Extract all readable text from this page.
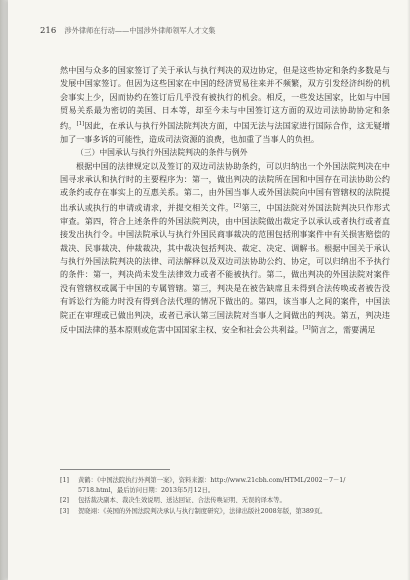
216 涉外律师在行动——中国涉外律师领军人才文集

然中国与众多的国家签订了关于承认与执行判决的双边协定，但是这些协定和条约多数是与发展中国家签订。但因为这些国家在中国的经济贸易往来并不频繁，双方引发经济纠纷的机会事实上少，因而协约在签订后几乎没有被执行的机会。相反，一些发达国家，比如与中国贸易关系最为密切的美国、日本等，却至今未与中国签订这方面的双边司法协助协定和条约。[1]因此，在承认与执行外国法院判决方面，中国无法与法国家进行国际合作，这无疑增加了一事多诉的可能性，造成司法资源的浪费，也加重了当事人的负担。

（三）中国承认与执行外国法院判决的条件与例外

根据中国的法律规定以及签订的双边司法协助条约，可以归纳出一个外国法院判决在中国寻求承认和执行时的主要程序为：第一，做出判决的法院所在国和中国存在司法协助公约或条约或存在事实上的互惠关系。第二，由外国当事人或外国法院向中国有管辖权的法院提出承认或执行的申请或请求，并提交相关文件。[2]第三，中国法院对外国法院判决只作形式审查。第四，符合上述条件的外国法院判决，由中国法院做出裁定予以承认或者执行或者直接发出执行令。中国法院承认与执行外国民商事裁决的范围包括刑事案件中有关损害赔偿的裁决、民事裁决、仲裁裁决，其中裁决包括判决、裁定、决定、调解书。根据中国关于承认与执行外国法院判决的法律、司法解释以及双边司法协助公约、协定，可以归纳出不予执行的条件：第一，判决尚未发生法律效力或者不能被执行。第二，做出判决的外国法院对案件没有管辖权或属于中国的专属管辖。第三，判决是在被告缺席且未得到合法传唤或者被告没有诉讼行为能力时没有得到合法代理的情况下做出的。第四，该当事人之间的案件，中国法院正在审理或已做出判决，或者已承认第三国法院对当事人之间做出的判决。第五，判决违反中国法律的基本原则或危害中国国家主权、安全和社会公共利益。[3]简言之，需要满足

[1] 黄鹤：《中国法院执行外判第一案》，资料来源：http://www.21cbh.com/HTML/2002－7－1/

5718.html，最后访问日期：2013年5月12日。

[2] 包括裁决副本、裁决生效说明、送达回证、合法传唤证明、无误的译本等。

[3] 贺晓翊：《英国的外国法院判决承认与执行制度研究》，法律出版社2008年版，第389页。
